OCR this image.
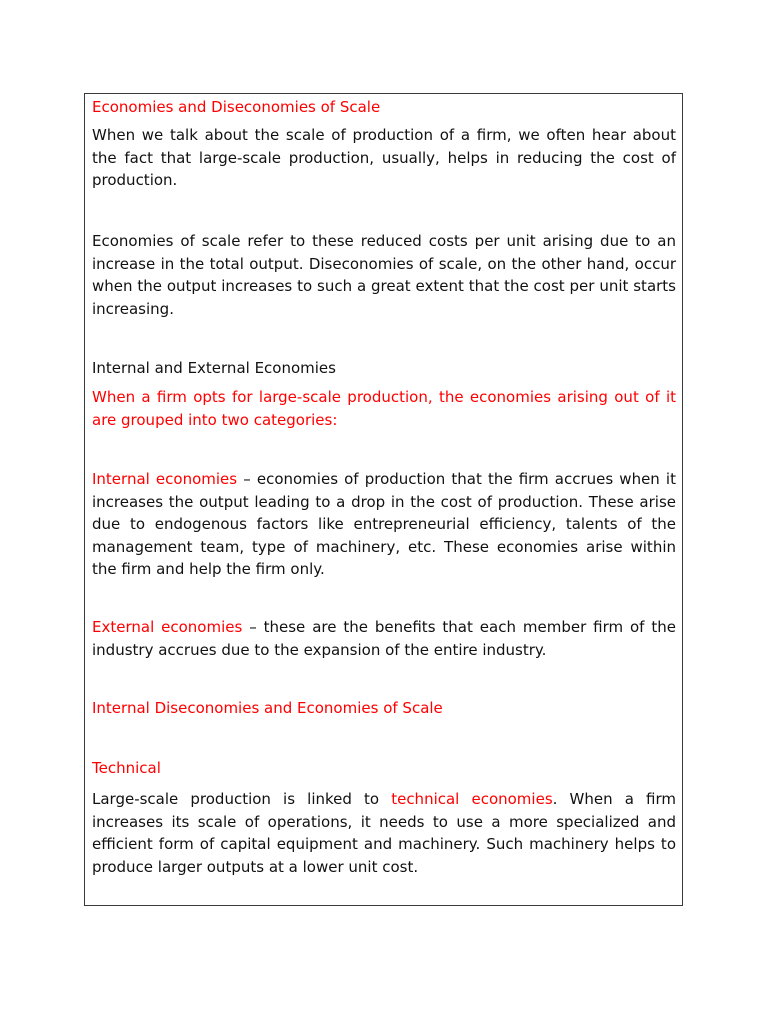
Economies and Diseconomies of Scale

When we talk about the scale of production of a firm, we often hear about the fact that large-scale production, usually, helps in reducing the cost of production.

Economies of scale refer to these reduced costs per unit arising due to an increase in the total output. Diseconomies of scale, on the other hand, occur when the output increases to such a great extent that the cost per unit starts increasing.

Internal and External Economies

When a firm opts for large-scale production, the economies arising out of it are grouped into two categories:

Internal economies – economies of production that the firm accrues when it increases the output leading to a drop in the cost of production. These arise due to endogenous factors like entrepreneurial efficiency, talents of the management team, type of machinery, etc. These economies arise within the firm and help the firm only.

External economies – these are the benefits that each member firm of the industry accrues due to the expansion of the entire industry.

Internal Diseconomies and Economies of Scale

Technical

Large-scale production is linked to technical economies. When a firm increases its scale of operations, it needs to use a more specialized and efficient form of capital equipment and machinery. Such machinery helps to produce larger outputs at a lower unit cost.
